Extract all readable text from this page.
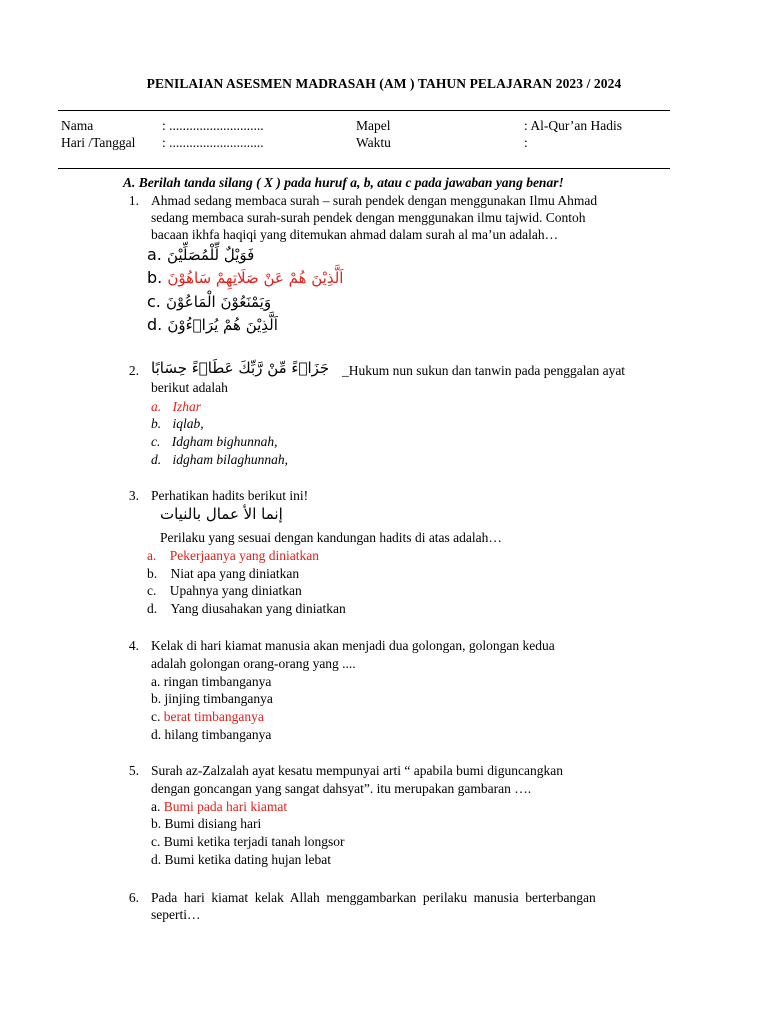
PENILAIAN ASESMEN MADRASAH (AM ) TAHUN PELAJARAN 2023 / 2024
Nama	: ............................	Mapel	: Al-Qur’an Hadis
Hari /Tanggal : ............................	Waktu	:
A. Berilah tanda silang ( X ) pada huruf a, b, atau c pada jawaban yang benar!
1. Ahmad sedang membaca surah – surah pendek dengan menggunakan Ilmu Ahmad
sedang membaca surah-surah pendek dengan menggunakan ilmu tajwid. Contoh
bacaan ikhfa haqiqi yang ditemukan ahmad dalam surah al ma’un adalah…
a. فَوَيْلٌ لِّلْمُصَلِّيْنَ
b. اَلَّذِيْنَ هُمْ عَنْ صَلَاتِهِمْ سَاهُوْنَ
c. وَيَمْنَعُوْنَ الْمَاعُوْنَ
d. اَلَّذِيْنَ هُمْ يُرَاۤءُوْنَ
2. جَزَاۤءً مِّنْ رَّبِّكَ عَطَاۤءً حِسَابًا _Hukum nun sukun dan tanwin pada penggalan ayat
berikut adalah
a. Izhar
b. iqlab,
c. Idgham bighunnah,
d. idgham bilaghunnah,
3. Perhatikan hadits berikut ini!
إنما الأ عمال بالنيات
Perilaku yang sesuai dengan kandungan hadits di atas adalah…
a. Pekerjaanya yang diniatkan
b. Niat apa yang diniatkan
c. Upahnya yang diniatkan
d. Yang diusahakan yang diniatkan
4. Kelak di hari kiamat manusia akan menjadi dua golongan, golongan kedua
adalah golongan orang-orang yang ....
a. ringan timbanganya
b. jinjing timbanganya
c. berat timbanganya
d. hilang timbanganya
5. Surah az-Zalzalah ayat kesatu mempunyai arti “ apabila bumi diguncangkan
dengan goncangan yang sangat dahsyat”. itu merupakan gambaran ….
a. Bumi pada hari kiamat
b. Bumi disiang hari
c. Bumi ketika terjadi tanah longsor
d. Bumi ketika dating hujan lebat
6. Pada hari kiamat kelak Allah menggambarkan perilaku manusia berterbangan
seperti…
